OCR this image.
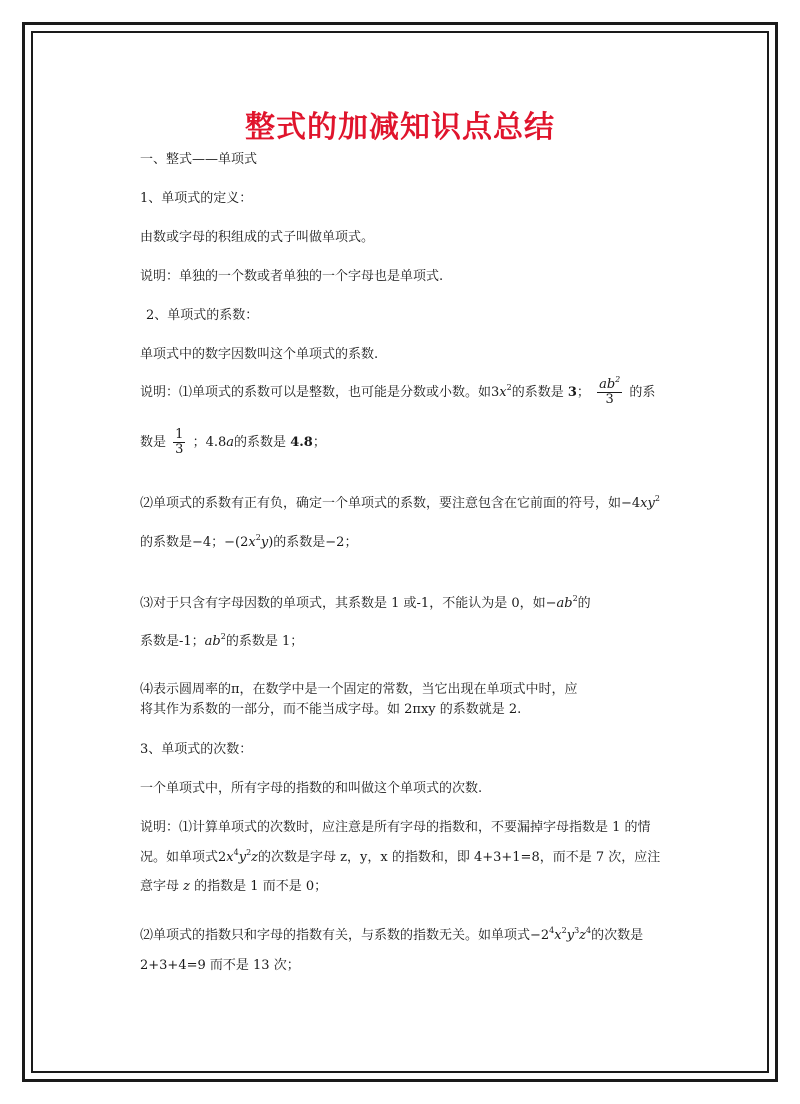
整式的加减知识点总结
一、整式——单项式
1、单项式的定义：
由数或字母的积组成的式子叫做单项式。
说明：单独的一个数或者单独的一个字母也是单项式.
2、单项式的系数：
单项式中的数字因数叫这个单项式的系数.
说明：⑴单项式的系数可以是整数，也可能是分数或小数。如$3x^2$的系数是 3； $\frac{ab^2}{3}$ 的系
数是 $\frac{1}{3}$ ；4.8a的系数是 4.8；
⑵单项式的系数有正有负，确定一个单项式的系数，要注意包含在它前面的符号，如$-4xy^2$
的系数是−4；$-(2x^2y)$的系数是−2；
⑶对于只含有字母因数的单项式，其系数是 1 或-1，不能认为是 0，如$-ab^2$的
系数是-1；$ab^2$的系数是 1；
⑷表示圆周率的π，在数学中是一个固定的常数，当它出现在单项式中时，应
将其作为系数的一部分，而不能当成字母。如 2πxy 的系数就是 2.
3、单项式的次数：
一个单项式中，所有字母的指数的和叫做这个单项式的次数.
说明：⑴计算单项式的次数时，应注意是所有字母的指数和，不要漏掉字母指数是 1 的情
况。如单项式$2x^4y^2z$的次数是字母 z，y，x 的指数和，即 4+3+1=8，而不是 7 次，应注
意字母 z 的指数是 1 而不是 0；
⑵单项式的指数只和字母的指数有关，与系数的指数无关。如单项式$-2^4x^2y^3z^4$的次数是
2+3+4=9 而不是 13 次；
